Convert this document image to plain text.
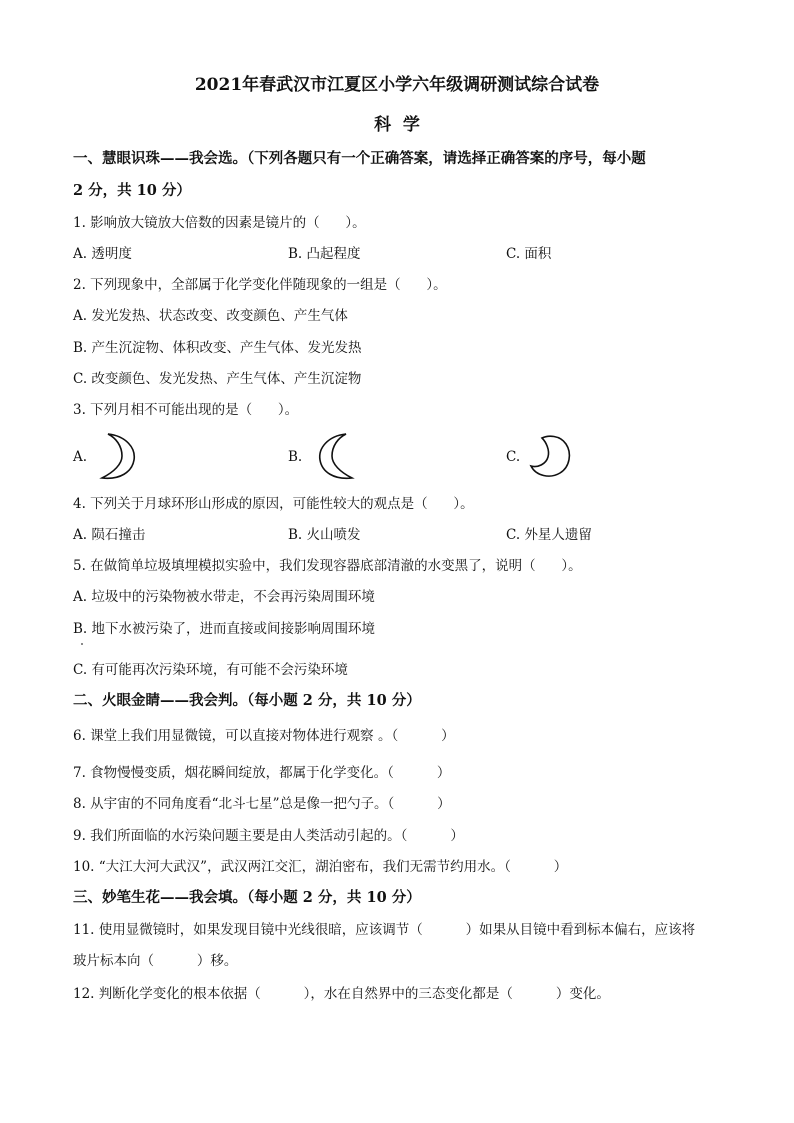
2021年春武汉市江夏区小学六年级调研测试综合试卷
科  学
一、慧眼识珠——我会选。（下列各题只有一个正确答案，请选择正确答案的序号，每小题
2 分，共 10 分）
1. 影响放大镜放大倍数的因素是镜片的（      ）。
A. 透明度	B. 凸起程度	C. 面积
2. 下列现象中，全部属于化学变化伴随现象的一组是（      ）。
A. 发光发热、状态改变、改变颜色、产生气体
B. 产生沉淀物、体积改变、产生气体、发光发热
C. 改变颜色、发光发热、产生气体、产生沉淀物
3. 下列月相不可能出现的是（      ）。
A.	B.	C.
4. 下列关于月球环形山形成的原因，可能性较大的观点是（      ）。
A. 陨石撞击	B. 火山喷发	C. 外星人遗留
5. 在做简单垃圾填埋模拟实验中，我们发现容器底部清澈的水变黑了，说明（      ）。
A. 垃圾中的污染物被水带走，不会再污染周围环境
B. 地下水被污染了，进而直接或间接影响周围环境
C. 有可能再次污染环境，有可能不会污染环境
二、火眼金睛——我会判。（每小题 2 分，共 10 分）
6. 课堂上我们用显微镜，可以直接对物体进行观察 。（          ）
7. 食物慢慢变质，烟花瞬间绽放，都属于化学变化。（          ）
8. 从宇宙的不同角度看“北斗七星”总是像一把勺子。（          ）
9. 我们所面临的水污染问题主要是由人类活动引起的。（          ）
10. “大江大河大武汉”，武汉两江交汇，湖泊密布，我们无需节约用水。（          ）
三、妙笔生花——我会填。（每小题 2 分，共 10 分）
11. 使用显微镜时，如果发现目镜中光线很暗，应该调节（          ）如果从目镜中看到标本偏右，应该将
玻片标本向（          ）移。
12. 判断化学变化的根本依据（          ），水在自然界中的三态变化都是（          ）变化。
